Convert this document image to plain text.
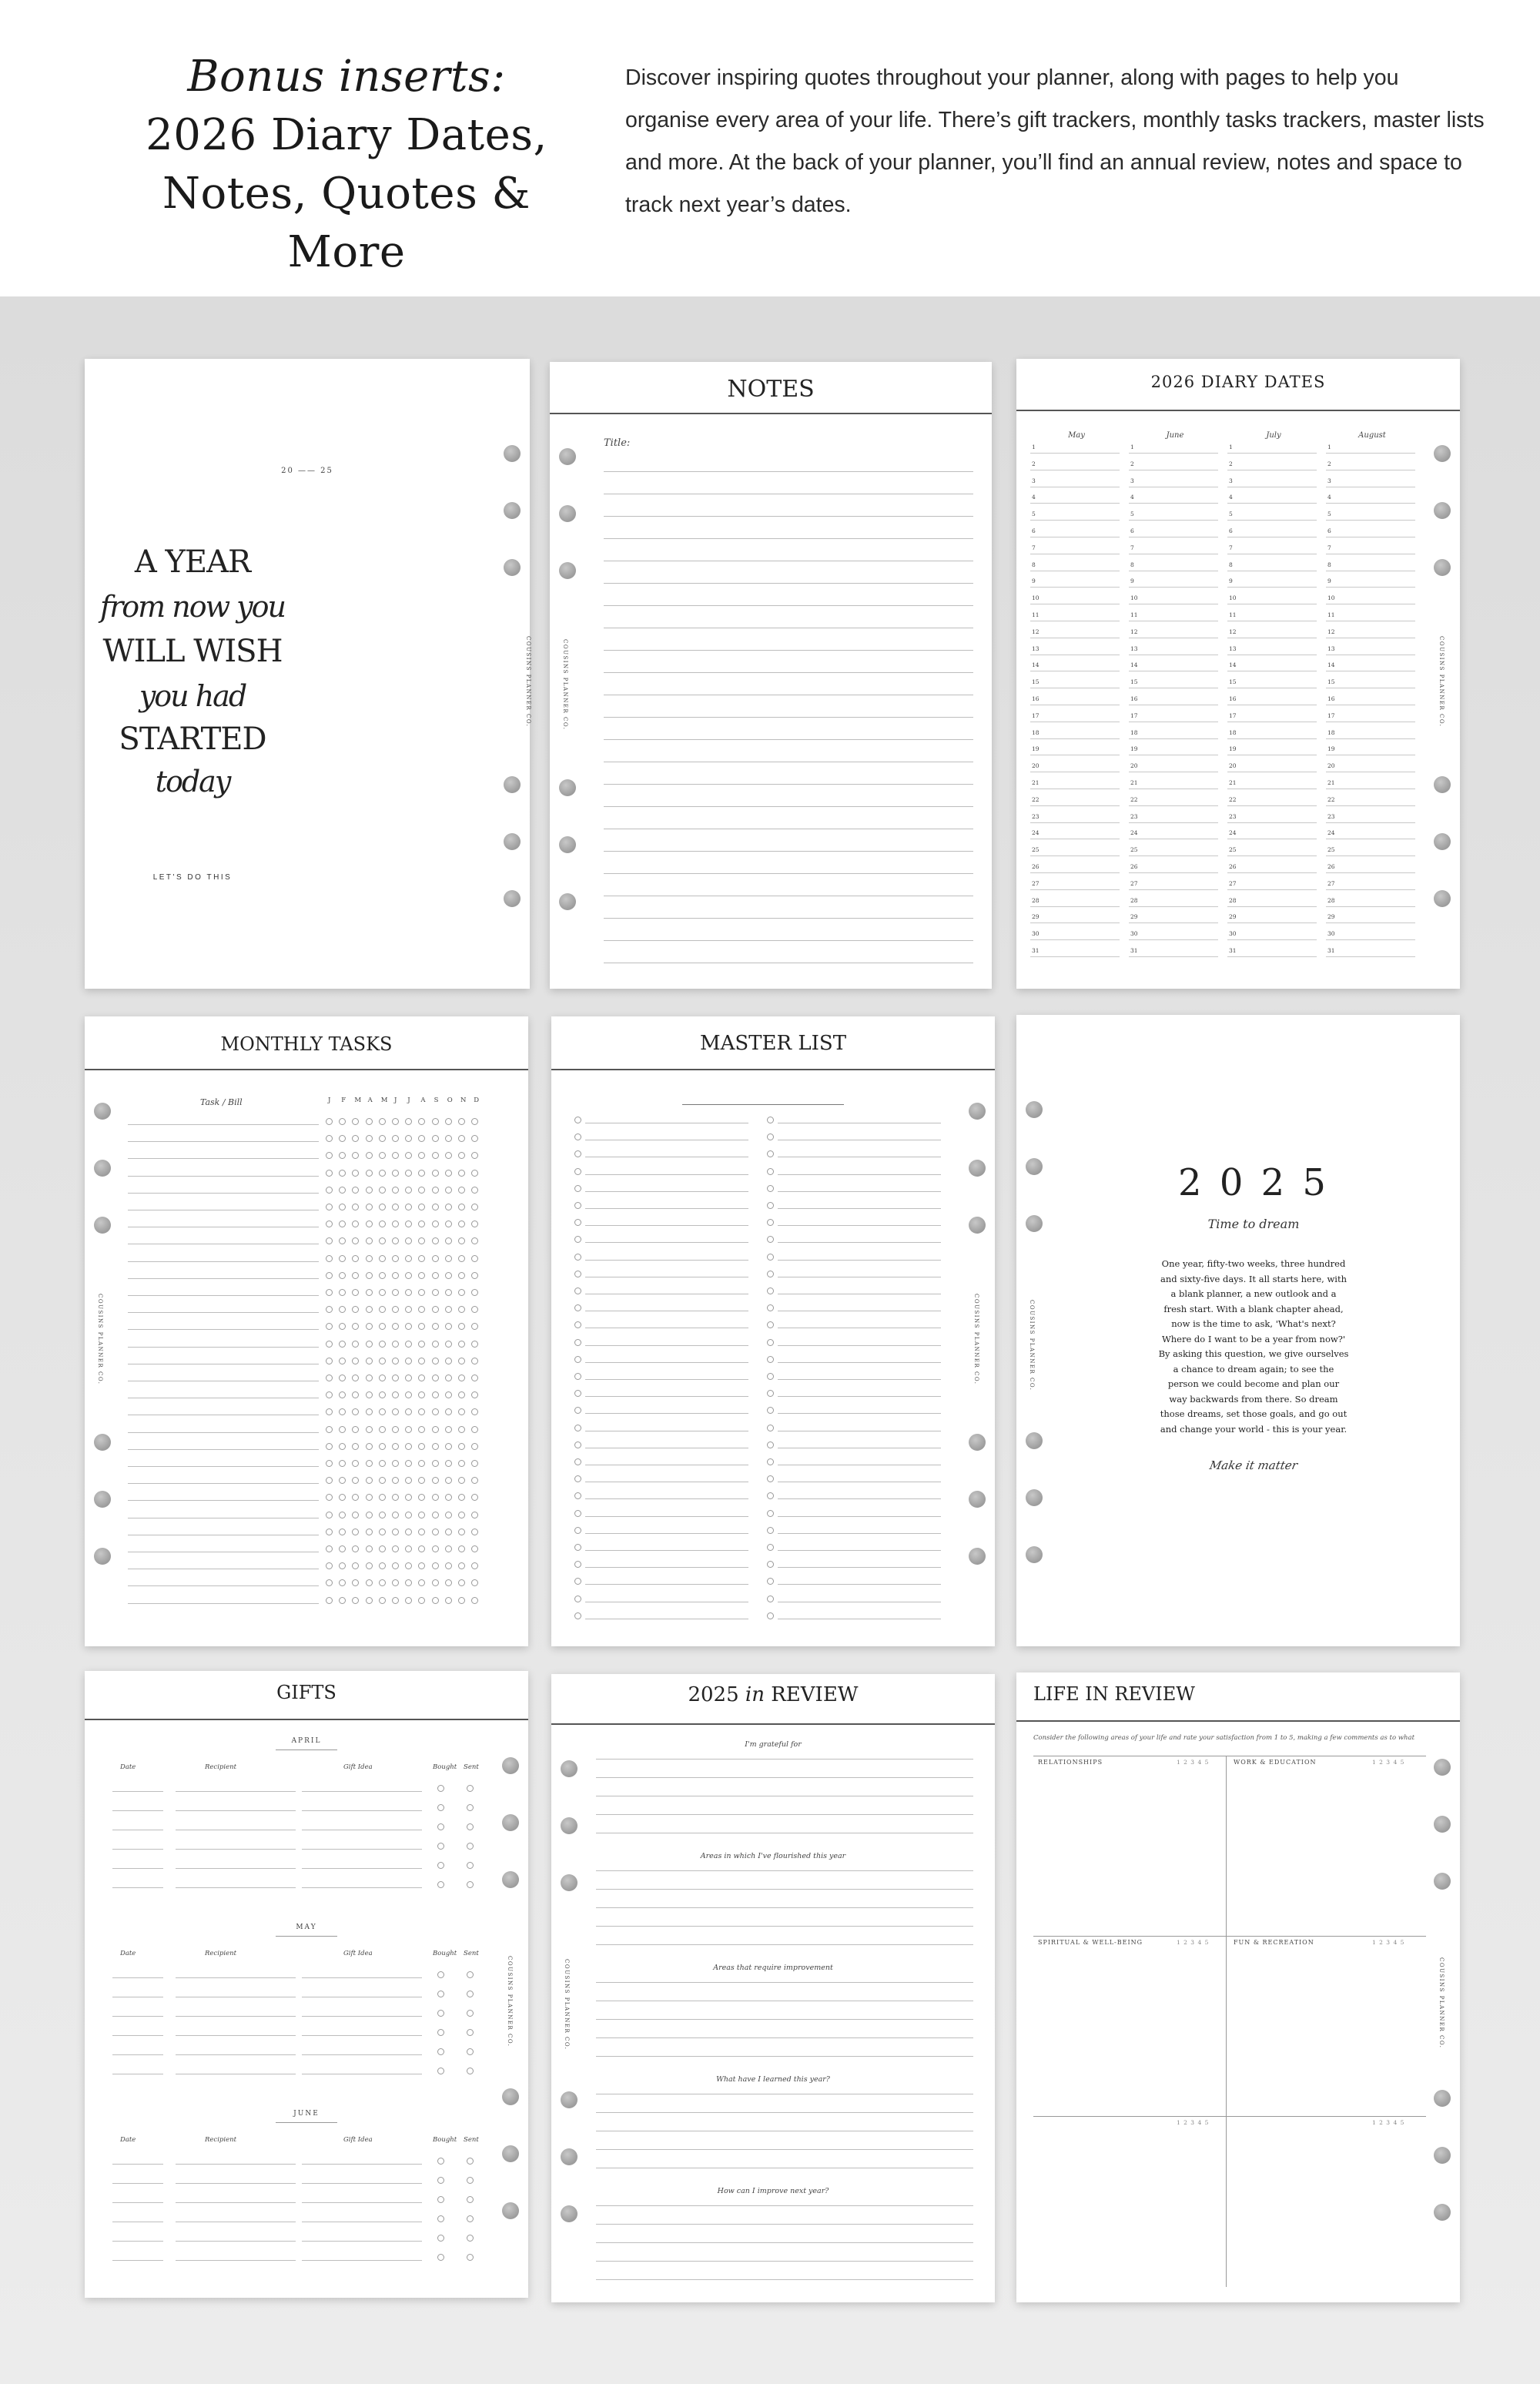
Bonus inserts:
2026 Diary Dates,
Notes, Quotes & More
Discover inspiring quotes throughout your planner, along with pages to help you organise every area of your life. There’s gift trackers, monthly tasks trackers, master lists and more. At the back of your planner, you’ll find an annual review, notes and space to track next year’s dates.
20 —— 25
A YEAR
from now you
WILL WISH
you had
STARTED
today
LET'S DO THIS
COUSINS PLANNER CO.
NOTES
Title:
COUSINS PLANNER CO.
2026 DIARY DATES
May	June	July	August
1	1	1	1
2	2	2	2
3	3	3	3
4	4	4	4
5	5	5	5
6	6	6	6
7	7	7	7
8	8	8	8
9	9	9	9
10	10	10	10
11	11	11	11
12	12	12	12
13	13	13	13
14	14	14	14
15	15	15	15
16	16	16	16
17	17	17	17
18	18	18	18
19	19	19	19
20	20	20	20
21	21	21	21
22	22	22	22
23	23	23	23
24	24	24	24
25	25	25	25
26	26	26	26
27	27	27	27
28	28	28	28
29	29	29	29
30	30	30	30
31	31	31	31
COUSINS PLANNER CO.
MONTHLY TASKS
Task / Bill	J F M A M J J A S O N D
COUSINS PLANNER CO.
MASTER LIST
COUSINS PLANNER CO.
2 0 2 5
Time to dream
One year, fifty-two weeks, three hundred
and sixty-five days. It all starts here, with
a blank planner, a new outlook and a
fresh start. With a blank chapter ahead,
now is the time to ask, 'What's next?
Where do I want to be a year from now?'
By asking this question, we give ourselves
a chance to dream again; to see the
person we could become and plan our
way backwards from there. So dream
those dreams, set those goals, and go out
and change your world - this is your year.
Make it matter
COUSINS PLANNER CO.
GIFTS
APRIL
Date	Recipient	Gift Idea	Bought Sent
MAY
Date	Recipient	Gift Idea	Bought Sent
JUNE
Date	Recipient	Gift Idea	Bought Sent
COUSINS PLANNER CO.
2025 in REVIEW
I'm grateful for
Areas in which I've flourished this year
Areas that require improvement
What have I learned this year?
How can I improve next year?
COUSINS PLANNER CO.
LIFE IN REVIEW
Consider the following areas of your life and rate your satisfaction from 1 to 5, making a few comments as to what
RELATIONSHIPS	1 2 3 4 5	WORK & EDUCATION	1 2 3 4 5
SPIRITUAL & WELL-BEING	1 2 3 4 5	FUN & RECREATION	1 2 3 4 5
1 2 3 4 5	1 2 3 4 5
COUSINS PLANNER CO.
